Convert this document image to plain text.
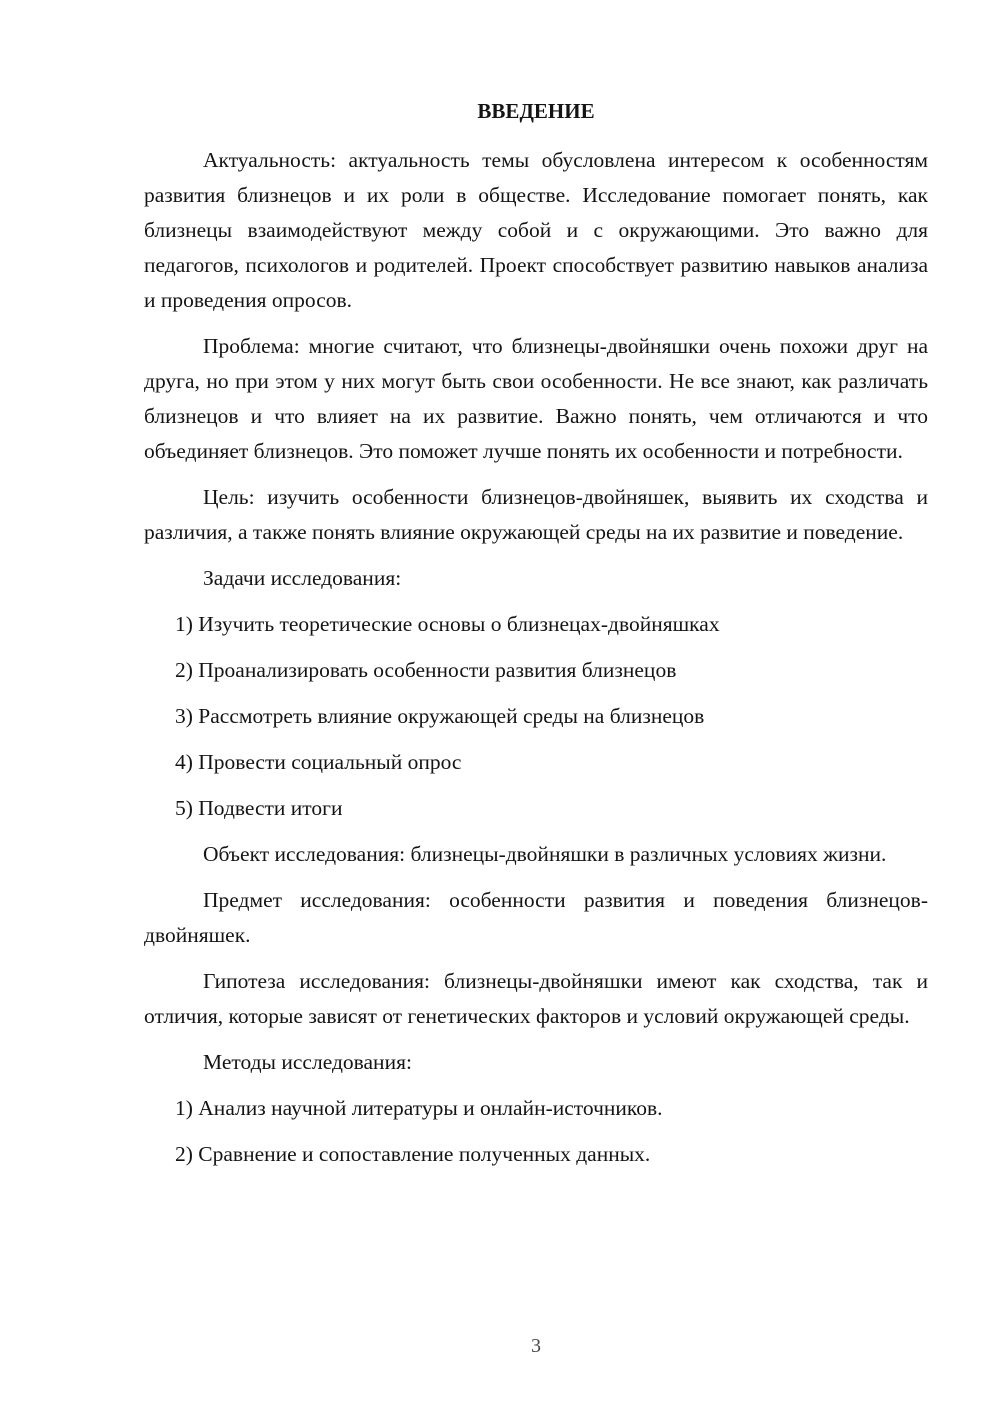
ВВЕДЕНИЕ

Актуальность: актуальность темы обусловлена интересом к особенностям развития близнецов и их роли в обществе. Исследование помогает понять, как близнецы взаимодействуют между собой и с окружающими. Это важно для педагогов, психологов и родителей. Проект способствует развитию навыков анализа и проведения опросов.

Проблема: многие считают, что близнецы-двойняшки очень похожи друг на друга, но при этом у них могут быть свои особенности. Не все знают, как различать близнецов и что влияет на их развитие. Важно понять, чем отличаются и что объединяет близнецов. Это поможет лучше понять их особенности и потребности.

Цель: изучить особенности близнецов-двойняшек, выявить их сходства и различия, а также понять влияние окружающей среды на их развитие и поведение.

Задачи исследования:

1) Изучить теоретические основы о близнецах-двойняшках
2) Проанализировать особенности развития близнецов
3) Рассмотреть влияние окружающей среды на близнецов
4) Провести социальный опрос
5) Подвести итоги

Объект исследования: близнецы-двойняшки в различных условиях жизни.

Предмет исследования: особенности развития и поведения близнецов-двойняшек.

Гипотеза исследования: близнецы-двойняшки имеют как сходства, так и отличия, которые зависят от генетических факторов и условий окружающей среды.

Методы исследования:

1) Анализ научной литературы и онлайн-источников.
2) Сравнение и сопоставление полученных данных.
3
